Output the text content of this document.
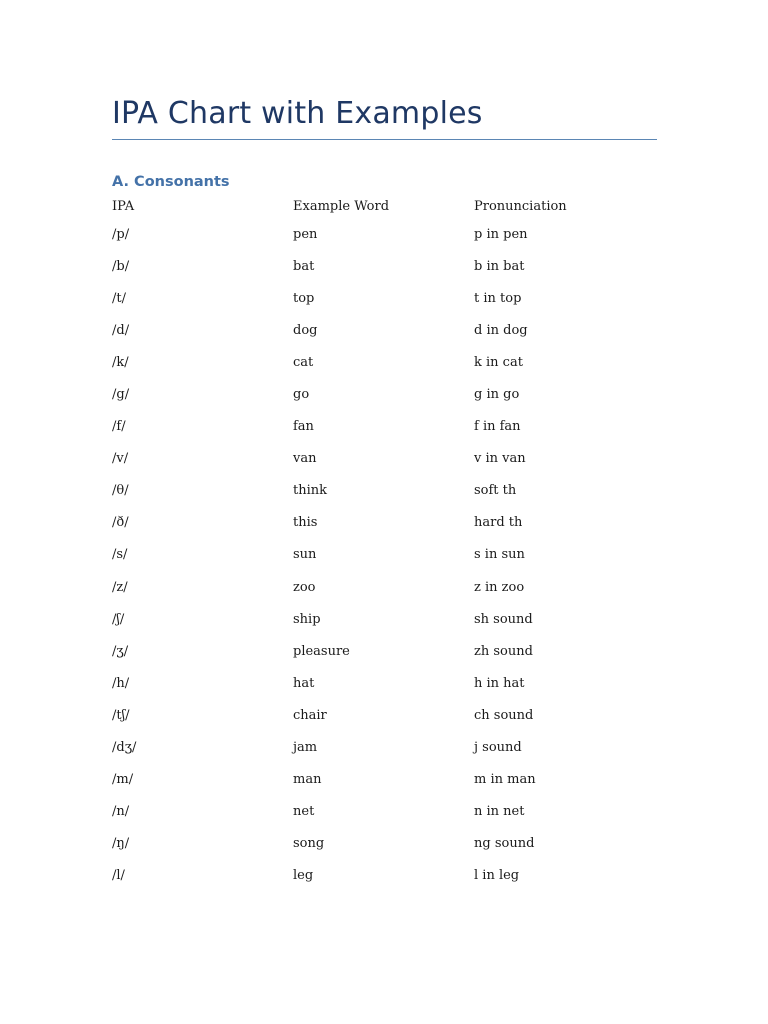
IPA Chart with Examples
A. Consonants
IPA	Example Word	Pronunciation
/p/	pen	p in pen
/b/	bat	b in bat
/t/	top	t in top
/d/	dog	d in dog
/k/	cat	k in cat
/g/	go	g in go
/f/	fan	f in fan
/v/	van	v in van
/θ/	think	soft th
/ð/	this	hard th
/s/	sun	s in sun
/z/	zoo	z in zoo
/ʃ/	ship	sh sound
/ʒ/	pleasure	zh sound
/h/	hat	h in hat
/tʃ/	chair	ch sound
/dʒ/	jam	j sound
/m/	man	m in man
/n/	net	n in net
/ŋ/	song	ng sound
/l/	leg	l in leg
